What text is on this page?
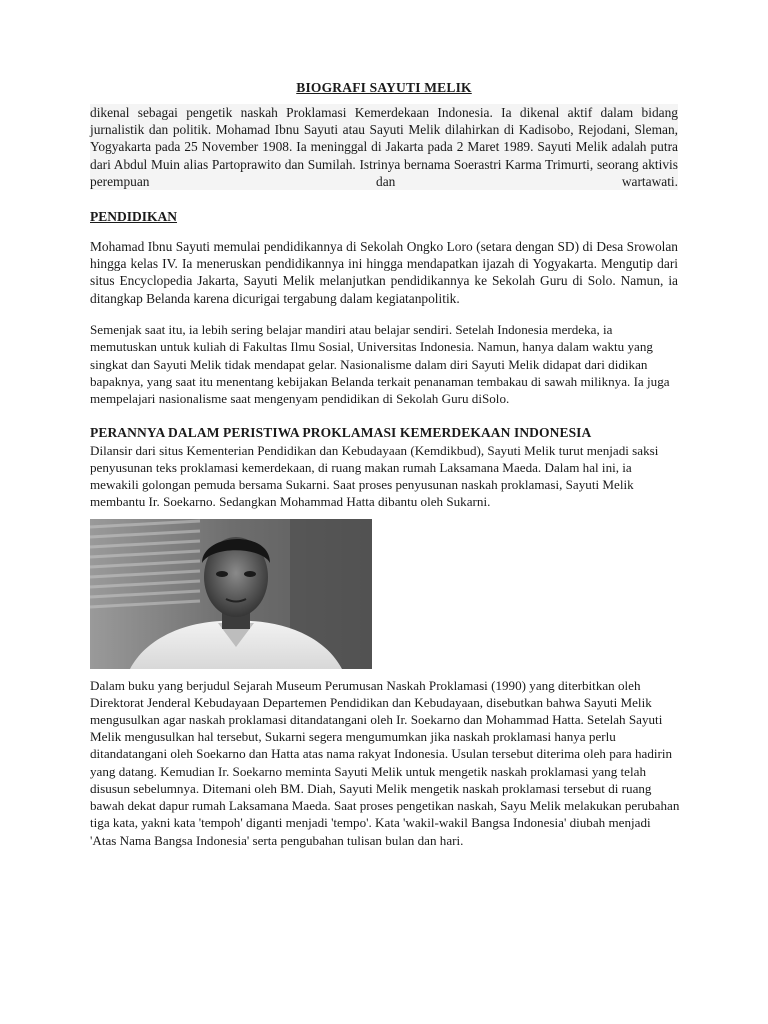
BIOGRAFI SAYUTI MELIK

dikenal sebagai pengetik naskah Proklamasi Kemerdekaan Indonesia. Ia dikenal aktif dalam bidang jurnalistik dan politik. Mohamad Ibnu Sayuti atau Sayuti Melik dilahirkan di Kadisobo, Rejodani, Sleman, Yogyakarta pada 25 November 1908. Ia meninggal di Jakarta pada 2 Maret 1989. Sayuti Melik adalah putra dari Abdul Muin alias Partoprawito dan Sumilah. Istrinya bernama Soerastri Karma Trimurti, seorang aktivis perempuan dan wartawati.

PENDIDIKAN

Mohamad Ibnu Sayuti memulai pendidikannya di Sekolah Ongko Loro (setara dengan SD) di Desa Srowolan hingga kelas IV. Ia meneruskan pendidikannya ini hingga mendapatkan ijazah di Yogyakarta. Mengutip dari situs Encyclopedia Jakarta, Sayuti Melik melanjutkan pendidikannya ke Sekolah Guru di Solo. Namun, ia ditangkap Belanda karena dicurigai tergabung dalam kegiatanpolitik.

Semenjak saat itu, ia lebih sering belajar mandiri atau belajar sendiri. Setelah Indonesia merdeka, ia memutuskan untuk kuliah di Fakultas Ilmu Sosial, Universitas Indonesia. Namun, hanya dalam waktu yang singkat dan Sayuti Melik tidak mendapat gelar. Nasionalisme dalam diri Sayuti Melik didapat dari didikan bapaknya, yang saat itu menentang kebijakan Belanda terkait penanaman tembakau di sawah miliknya. Ia juga mempelajari nasionalisme saat mengenyam pendidikan di Sekolah Guru diSolo.

PERANNYA DALAM PERISTIWA PROKLAMASI KEMERDEKAAN INDONESIA

Dilansir dari situs Kementerian Pendidikan dan Kebudayaan (Kemdikbud), Sayuti Melik turut menjadi saksi penyusunan teks proklamasi kemerdekaan, di ruang makan rumah Laksamana Maeda. Dalam hal ini, ia mewakili golongan pemuda bersama Sukarni. Saat proses penyusunan naskah proklamasi, Sayuti Melik membantu Ir. Soekarno. Sedangkan Mohammad Hatta dibantu oleh Sukarni.

Dalam buku yang berjudul Sejarah Museum Perumusan Naskah Proklamasi (1990) yang diterbitkan oleh Direktorat Jenderal Kebudayaan Departemen Pendidikan dan Kebudayaan, disebutkan bahwa Sayuti Melik mengusulkan agar naskah proklamasi ditandatangani oleh Ir. Soekarno dan Mohammad Hatta. Setelah Sayuti Melik mengusulkan hal tersebut, Sukarni segera mengumumkan jika naskah proklamasi hanya perlu ditandatangani oleh Soekarno dan Hatta atas nama rakyat Indonesia. Usulan tersebut diterima oleh para hadirin yang datang. Kemudian Ir. Soekarno meminta Sayuti Melik untuk mengetik naskah proklamasi yang telah disusun sebelumnya. Ditemani oleh BM. Diah, Sayuti Melik mengetik naskah proklamasi tersebut di ruang bawah dekat dapur rumah Laksamana Maeda. Saat proses pengetikan naskah, Sayu Melik melakukan perubahan tiga kata, yakni kata 'tempoh' diganti menjadi 'tempo'. Kata 'wakil-wakil Bangsa Indonesia' diubah menjadi 'Atas Nama Bangsa Indonesia' serta pengubahan tulisan bulan dan hari.
